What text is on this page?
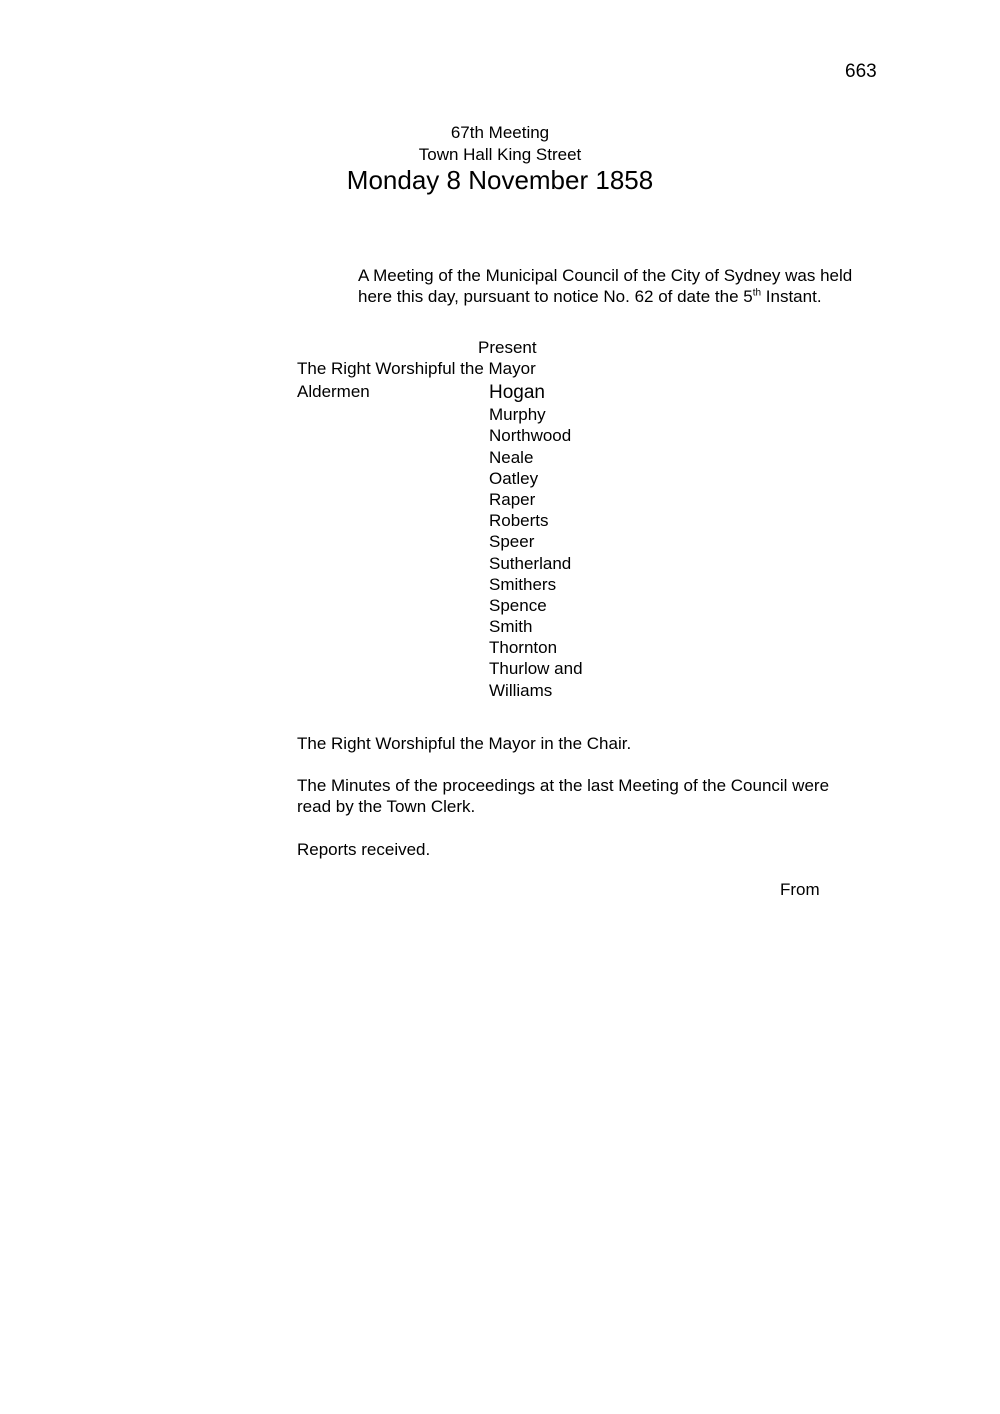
663
67th Meeting
Town Hall King Street
Monday 8 November 1858
A Meeting of the Municipal Council of the City of Sydney was held
here this day, pursuant to notice No. 62 of date the 5th Instant.
Present
The Right Worshipful the Mayor
Aldermen	Hogan
Murphy
Northwood
Neale
Oatley
Raper
Roberts
Speer
Sutherland
Smithers
Spence
Smith
Thornton
Thurlow and
Williams
The Right Worshipful the Mayor in the Chair.
The Minutes of the proceedings at the last Meeting of the Council were
read by the Town Clerk.
Reports received.
From
